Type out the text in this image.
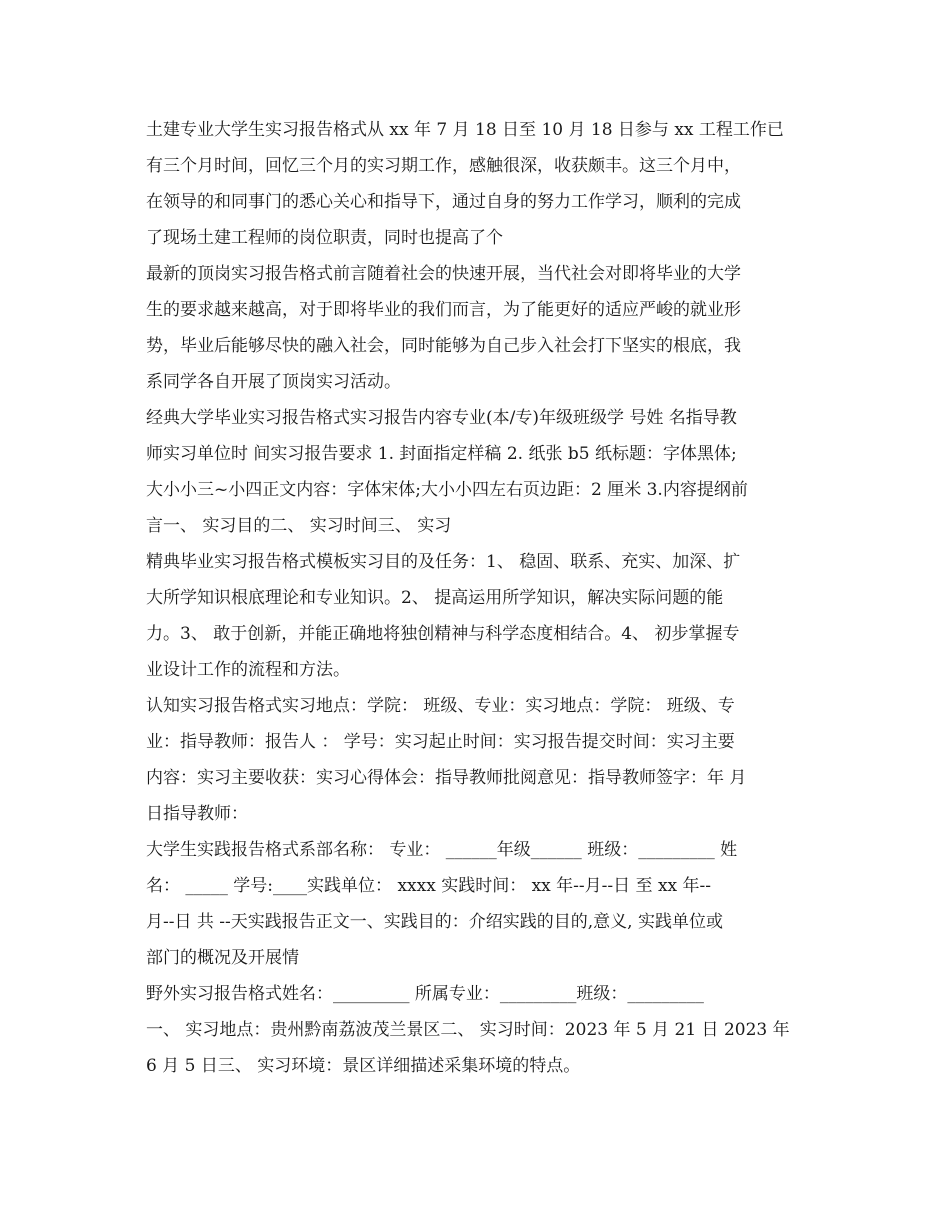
土建专业大学生实习报告格式从 xx 年 7 月 18 日至 10 月 18 日参与 xx 工程工作已
有三个月时间，回忆三个月的实习期工作，感触很深，收获颇丰。这三个月中，
在领导的和同事门的悉心关心和指导下，通过自身的努力工作学习，顺利的完成
了现场土建工程师的岗位职责，同时也提高了个
最新的顶岗实习报告格式前言随着社会的快速开展，当代社会对即将毕业的大学
生的要求越来越高，对于即将毕业的我们而言，为了能更好的适应严峻的就业形
势，毕业后能够尽快的融入社会，同时能够为自己步入社会打下坚实的根底，我
系同学各自开展了顶岗实习活动。
经典大学毕业实习报告格式实习报告内容专业(本/专)年级班级学 号姓 名指导教
师实习单位时 间实习报告要求 1. 封面指定样稿 2. 纸张 b5 纸标题：字体黑体;
大小小三~小四正文内容：字体宋体;大小小四左右页边距：2 厘米 3.内容提纲前
言一、 实习目的二、 实习时间三、 实习
精典毕业实习报告格式模板实习目的及任务：1、 稳固、联系、充实、加深、扩
大所学知识根底理论和专业知识。2、 提高运用所学知识，解决实际问题的能
力。3、 敢于创新，并能正确地将独创精神与科学态度相结合。4、 初步掌握专
业设计工作的流程和方法。
认知实习报告格式实习地点：学院： 班级、专业：实习地点：学院： 班级、专
业：指导教师：报告人 ： 学号：实习起止时间：实习报告提交时间：实习主要
内容：实习主要收获：实习心得体会：指导教师批阅意见：指导教师签字：年 月
日指导教师：
大学生实践报告格式系部名称： 专业： ______年级______ 班级：_________ 姓
名： _____ 学号:____实践单位： xxxx 实践时间： xx 年--月--日 至 xx 年--
月--日 共 --天实践报告正文一、实践目的：介绍实践的目的,意义, 实践单位或
部门的概况及开展情
野外实习报告格式姓名：_________ 所属专业：_________班级：_________
一、 实习地点：贵州黔南荔波茂兰景区二、 实习时间：2023 年 5 月 21 日 2023 年
6 月 5 日三、 实习环境：景区详细描述采集环境的特点。
